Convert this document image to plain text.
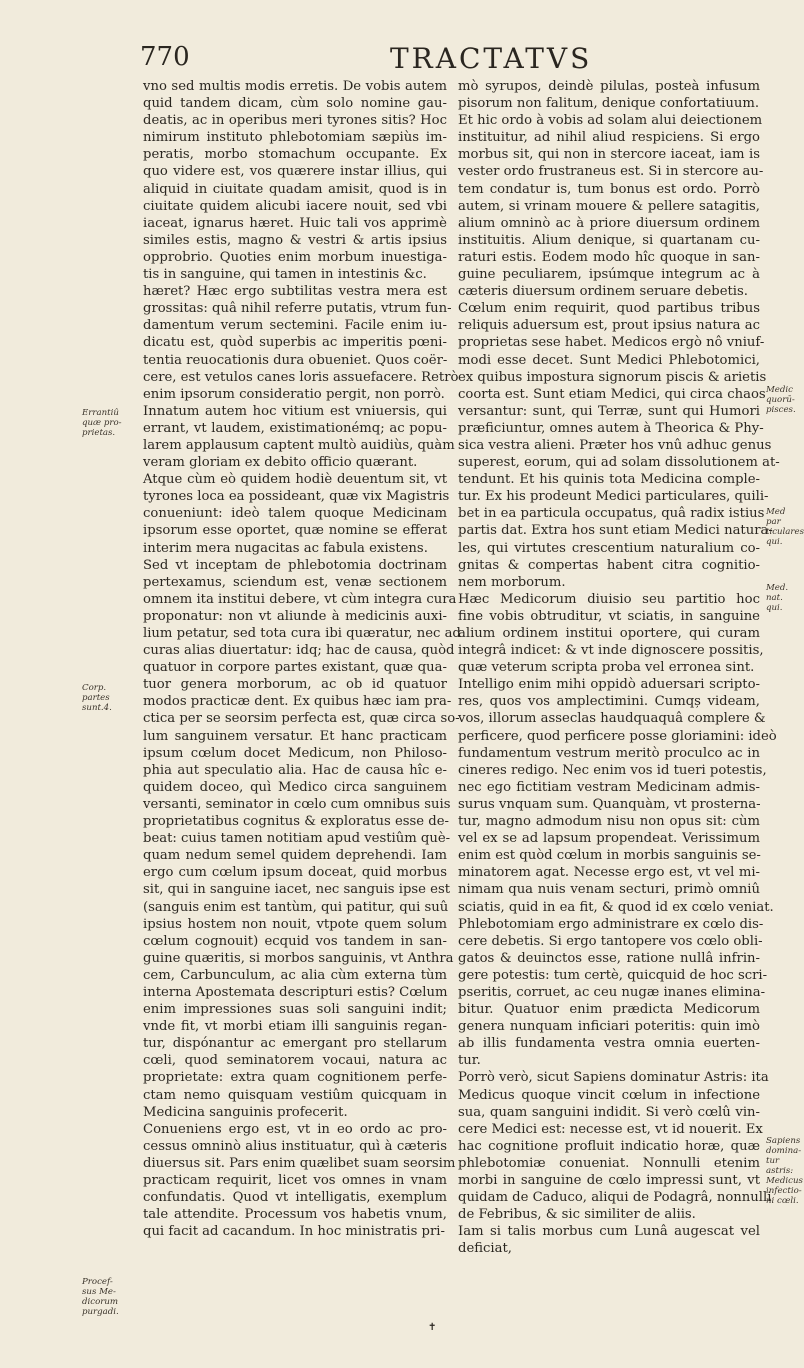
770	TRACTATVS
vno sed multis modis erretis. De vobis autem
quid tandem dicam, cùm solo nomine gau-
deatis, ac in operibus meri tyrones sitis? Hoc
nimirum instituto phlebotomiam sæpiùs im-
peratis, morbo stomachum occupante. Ex
quo videre est, vos quærere instar illius, qui
aliquid in ciuitate quadam amisit, quod is in
ciuitate quidem alicubi iacere nouit, sed vbi
iaceat, ignarus hæret. Huic tali vos apprimè
similes estis, magno & vestri & artis ipsius
opprobrio. Quoties enim morbum inuestiga-
tis in sanguine, qui tamen in intestinis &c.
hæret? Hæc ergo subtilitas vestra mera est
grossitas: quâ nihil referre putatis, vtrum fun-
damentum verum sectemini. Facile enim iu-
dicatu est, quòd superbis ac imperitis pœni-
tentia reuocationis dura obueniet. Quos coër-
cere, est vetulos canes loris assuefacere. Retrò
enim ipsorum consideratio pergit, non porrò.
Innatum autem hoc vitium est vniuersis, qui
errant, vt laudem, existimationémq; ac popu-
larem applausum captent multò auidiùs, quàm
veram gloriam ex debito officio quærant.
Atque cùm eò quidem hodiè deuentum sit, vt
tyrones loca ea possideant, quæ vix Magistris
conueniunt: ideò talem quoque Medicinam
ipsorum esse oportet, quæ nomine se efferat
interim mera nugacitas ac fabula existens.
Sed vt inceptam de phlebotomia doctrinam
pertexamus, sciendum est, venæ sectionem
omnem ita institui debere, vt cùm integra cura
proponatur: non vt aliunde à medicinis auxi-
lium petatur, sed tota cura ibi quæratur, nec ad
curas alias diuertatur: idq; hac de causa, quòd
quatuor in corpore partes existant, quæ qua-
tuor genera morborum, ac ob id quatuor
modos practicæ dent. Ex quibus hæc iam pra-
ctica per se seorsim perfecta est, quæ circa so-
lum sanguinem versatur. Et hanc practicam
ipsum cœlum docet Medicum, non Philoso-
phia aut speculatio alia. Hac de causa hîc e-
quidem doceo, quì Medico circa sanguinem
versanti, seminator in cœlo cum omnibus suis
proprietatibus cognitus & exploratus esse de-
beat: cuius tamen notitiam apud vestiûm què-
quam nedum semel quidem deprehendi. Iam
ergo cum cœlum ipsum doceat, quid morbus
sit, qui in sanguine iacet, nec sanguis ipse est
(sanguis enim est tantùm, qui patitur, qui suû
ipsius hostem non nouit, vtpote quem solum
cœlum cognouit) ecquid vos tandem in san-
guine quæritis, si morbos sanguinis, vt Anthra
cem, Carbunculum, ac alia cùm externa tùm
interna Apostemata descripturi estis? Cœlum
enim impressiones suas soli sanguini indit;
vnde fit, vt morbi etiam illi sanguinis regan-
tur, dispónantur ac emergant pro stellarum
cœli, quod seminatorem vocaui, natura ac
proprietate: extra quam cognitionem perfe-
ctam nemo quisquam vestiûm quicquam in
Medicina sanguinis profecerit.
Conueniens ergo est, vt in eo ordo ac pro-
cessus omninò alius instituatur, quì à cæteris
diuersus sit. Pars enim quælibet suam seorsim
practicam requirit, licet vos omnes in vnam
confundatis. Quod vt intelligatis, exemplum
tale attendite. Processum vos habetis vnum,
qui facit ad cacandum. In hoc ministratis pri-
mò syrupos, deindè pilulas, posteà infusum
pisorum non falitum, denique confortatiuum.
Et hic ordo à vobis ad solam alui deiectionem
instituitur, ad nihil aliud respiciens. Si ergo
morbus sit, qui non in stercore iaceat, iam is
vester ordo frustraneus est. Si in stercore au-
tem condatur is, tum bonus est ordo. Porrò
autem, si vrinam mouere & pellere satagitis,
alium omninò ac à priore diuersum ordinem
instituitis. Alium denique, si quartanam cu-
raturi estis. Eodem modo hîc quoque in san-
guine peculiarem, ipsúmque integrum ac à
cæteris diuersum ordinem seruare debetis.
Cœlum enim requirit, quod partibus tribus
reliquis aduersum est, prout ipsius natura ac
proprietas sese habet. Medicos ergò nô vniuf-
modi esse decet. Sunt Medici Phlebotomici,
ex quibus impostura signorum piscis & arietis
coorta est. Sunt etiam Medici, qui circa chaos
versantur: sunt, qui Terræ, sunt qui Humori
præficiuntur, omnes autem à Theorica & Phy-
sica vestra alieni. Præter hos vnû adhuc genus
superest, eorum, qui ad solam dissolutionem at-
tendunt. Et his quinis tota Medicina comple-
tur. Ex his prodeunt Medici particulares, quili-
bet in ea particula occupatus, quâ radix istius
partis dat. Extra hos sunt etiam Medici natura-
les, qui virtutes crescentium naturalium co-
gnitas & compertas habent citra cognitio-
nem morborum.
Hæc Medicorum diuisio seu partitio hoc
fine vobis obtruditur, vt sciatis, in sanguine
alium ordinem institui oportere, qui curam
integrâ indicet: & vt inde dignoscere possitis,
quæ veterum scripta proba vel erronea sint.
Intelligo enim mihi oppidò aduersari scripto-
res, quos vos amplectimini. Cumqș videam,
vos, illorum asseclas haudquaquâ complere &
perficere, quod perficere posse gloriamini: ideò
fundamentum vestrum meritò proculco ac in
cineres redigo. Nec enim vos id tueri potestis,
nec ego fictitiam vestram Medicinam admis-
surus vnquam sum. Quanquàm, vt prosterna-
tur, magno admodum nisu non opus sit: cùm
vel ex se ad lapsum propendeat. Verissimum
enim est quòd cœlum in morbis sanguinis se-
minatorem agat. Necesse ergo est, vt vel mi-
nimam qua nuis venam secturi, primò omniû
sciatis, quid in ea fit, & quod id ex cœlo veniat.
Phlebotomiam ergo administrare ex cœlo dis-
cere debetis. Si ergo tantopere vos cœlo obli-
gatos & deuinctos esse, ratione nullâ infrin-
gere potestis: tum certè, quicquid de hoc scri-
pseritis, corruet, ac ceu nugæ inanes elimina-
bitur. Quatuor enim prædicta Medicorum
genera nunquam inficiari poteritis: quin imò
ab illis fundamenta vestra omnia euerten-
tur.
Porrò verò, sicut Sapiens dominatur Astris: ita
Medicus quoque vincit cœlum in infectione
sua, quam sanguini indidit. Si verò cœlû vin-
cere Medici est: necesse est, vt id nouerit. Ex
hac cognitione profluit indicatio horæ, quæ
phlebotomiæ conueniat. Nonnulli etenim
morbi in sanguine de cœlo impressi sunt, vt
quidam de Caduco, aliqui de Podagrâ, nonnulli
de Febribus, & sic similiter de aliis.
Iam si talis morbus cum Lunâ augescat vel
deficiat,
Errantiû
quæ pro-
prietas.
Corp.
partes
sunt.4.
Procef-
sus Me-
dicorum
purgadi.
Medic
quorū-
pisces.
Med par
ticulares
qui.
Med.
nat. qui.
Sapiens
domina-
tur astris:
Medicus
infectio-
ni cœli.
✝
